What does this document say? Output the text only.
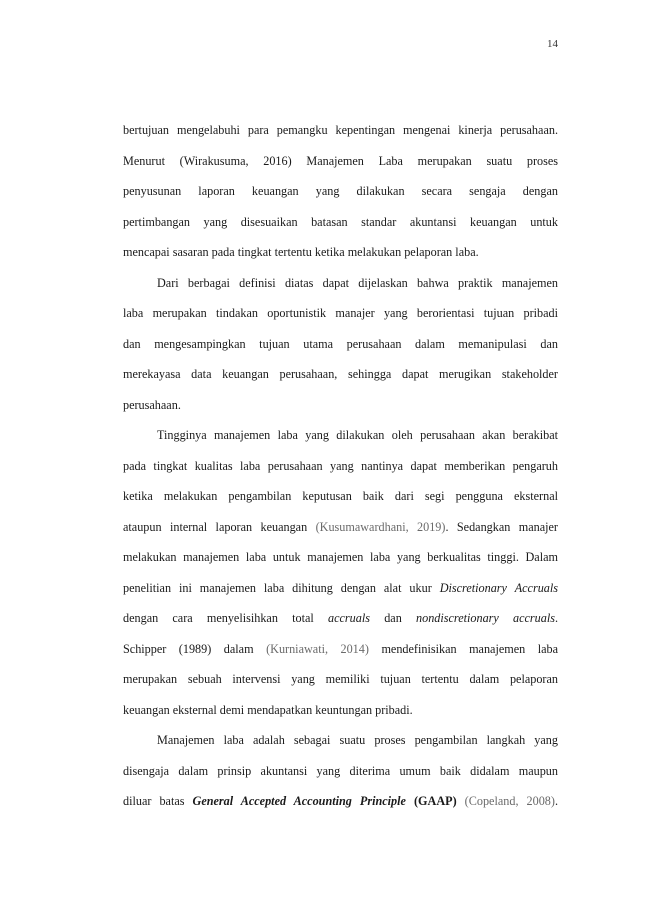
14
bertujuan mengelabuhi para pemangku kepentingan mengenai kinerja perusahaan.
Menurut (Wirakusuma, 2016) Manajemen Laba merupakan suatu proses
penyusunan laporan keuangan yang dilakukan secara sengaja dengan
pertimbangan yang disesuaikan batasan standar akuntansi keuangan untuk
mencapai sasaran pada tingkat tertentu ketika melakukan pelaporan laba.
Dari berbagai definisi diatas dapat dijelaskan bahwa praktik manajemen
laba merupakan tindakan oportunistik manajer yang berorientasi tujuan pribadi
dan mengesampingkan tujuan utama perusahaan dalam memanipulasi dan
merekayasa data keuangan perusahaan, sehingga dapat merugikan stakeholder
perusahaan.
Tingginya manajemen laba yang dilakukan oleh perusahaan akan berakibat
pada tingkat kualitas laba perusahaan yang nantinya dapat memberikan pengaruh
ketika melakukan pengambilan keputusan baik dari segi pengguna eksternal
ataupun internal laporan keuangan (Kusumawardhani, 2019). Sedangkan manajer
melakukan manajemen laba untuk manajemen laba yang berkualitas tinggi. Dalam
penelitian ini manajemen laba dihitung dengan alat ukur Discretionary Accruals
dengan cara menyelisihkan total accruals dan nondiscretionary accruals.
Schipper (1989) dalam (Kurniawati, 2014) mendefinisikan manajemen laba
merupakan sebuah intervensi yang memiliki tujuan tertentu dalam pelaporan
keuangan eksternal demi mendapatkan keuntungan pribadi.
Manajemen laba adalah sebagai suatu proses pengambilan langkah yang
disengaja dalam prinsip akuntansi yang diterima umum baik didalam maupun
diluar batas General Accepted Accounting Principle (GAAP) (Copeland, 2008).
